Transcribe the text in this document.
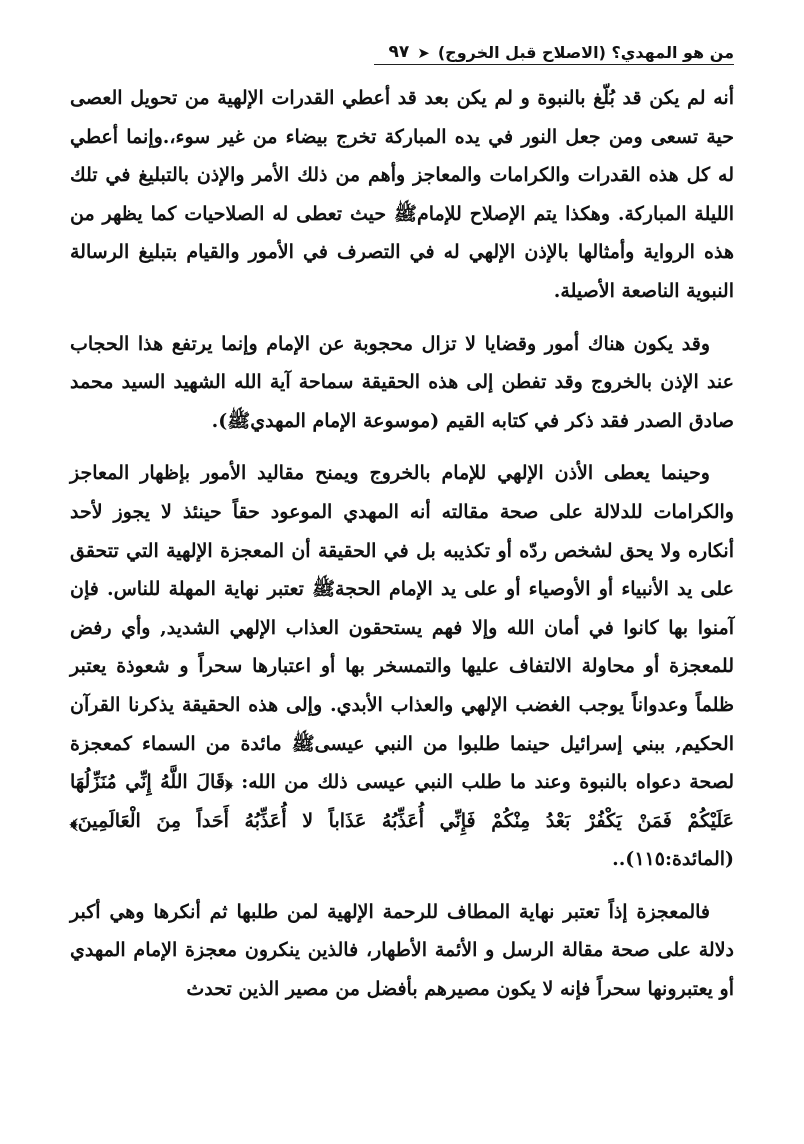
من هو المهدي؟ (الاصلاح قبل الخروج)
➤
٩٧

أنه لم يكن قد بُلّغ بالنبوة و لم يكن بعد قد أعطي القدرات الإلهية من تحويل العصى حية تسعى ومن جعل النور في يده المباركة تخرج بيضاء من غير سوء،.وإنما أعطي له كل هذه القدرات والكرامات والمعاجز وأهم من ذلك الأمر والإذن بالتبليغ في تلك الليلة المباركة. وهكذا يتم الإصلاح للإمامﷺ حيث تعطى له الصلاحيات كما يظهر من هذه الرواية وأمثالها بالإذن الإلهي له في التصرف في الأمور والقيام بتبليغ الرسالة النبوية الناصعة الأصيلة.

وقد يكون هناك أمور وقضايا لا تزال محجوبة عن الإمام وإنما يرتفع هذا الحجاب عند الإذن بالخروج وقد تفطن إلى هذه الحقيقة سماحة آية الله الشهيد السيد محمد صادق الصدر فقد ذكر في كتابه القيم (موسوعة الإمام المهديﷺ).

وحينما يعطى الأذن الإلهي للإمام بالخروج ويمنح مقاليد الأمور بإظهار المعاجز والكرامات للدلالة على صحة مقالته أنه المهدي الموعود حقاً حينئذ لا يجوز لأحد أنكاره ولا يحق لشخص ردّه أو تكذيبه بل في الحقيقة أن المعجزة الإلهية التي تتحقق على يد الأنبياء أو الأوصياء أو على يد الإمام الحجةﷺ تعتبر نهاية المهلة للناس. فإن آمنوا بها كانوا في أمان الله وإلا فهم يستحقون العذاب الإلهي الشديد, وأي رفض للمعجزة أو محاولة الالتفاف عليها والتمسخر بها أو اعتبارها سحراً و شعوذة يعتبر ظلماً وعدواناً يوجب الغضب الإلهي والعذاب الأبدي. وإلى هذه الحقيقة يذكرنا القرآن الحكيم, ببني إسرائيل حينما طلبوا من النبي عيسىﷺ مائدة من السماء كمعجزة لصحة دعواه بالنبوة وعند ما طلب النبي عيسى ذلك من الله: ﴿قَالَ اللَّهُ إِنِّي مُنَزِّلُهَا عَلَيْكُمْ فَمَنْ يَكْفُرْ بَعْدُ مِنْكُمْ فَإِنِّي أُعَذِّبُهُ عَذَاباً لا أُعَذِّبُهُ أَحَداً مِنَ الْعَالَمِينَ﴾(المائدة:١١٥)..

فالمعجزة إذاً تعتبر نهاية المطاف للرحمة الإلهية لمن طلبها ثم أنكرها وهي أكبر دلالة على صحة مقالة الرسل و الأئمة الأطهار، فالذين ينكرون معجزة الإمام المهدي أو يعتبرونها سحراً فإنه لا يكون مصيرهم بأفضل من مصير الذين تحدث
